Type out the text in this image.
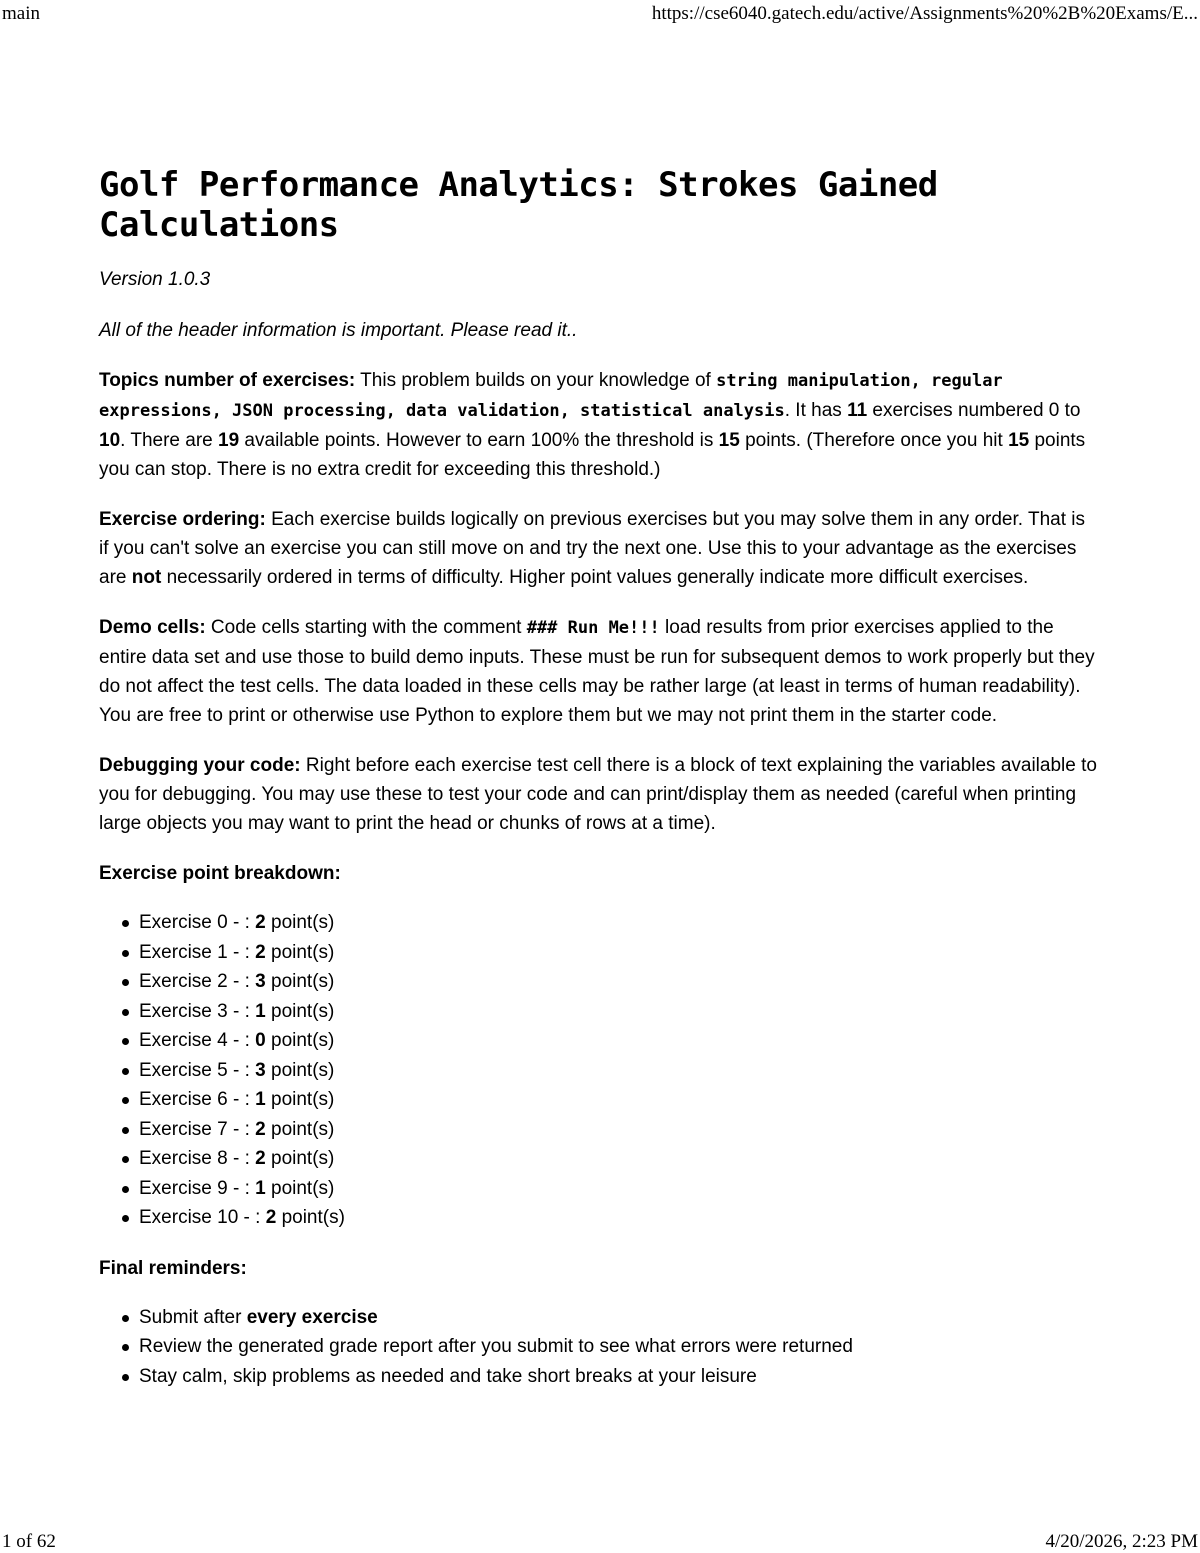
main	https://cse6040.gatech.edu/active/Assignments%20%2B%20Exams/E...
Golf Performance Analytics: Strokes Gained Calculations
Version 1.0.3
All of the header information is important. Please read it..

Topics number of exercises: This problem builds on your knowledge of string manipulation, regular expressions, JSON processing, data validation, statistical analysis. It has 11 exercises numbered 0 to 10. There are 19 available points. However to earn 100% the threshold is 15 points. (Therefore once you hit 15 points you can stop. There is no extra credit for exceeding this threshold.)

Exercise ordering: Each exercise builds logically on previous exercises but you may solve them in any order. That is if you can't solve an exercise you can still move on and try the next one. Use this to your advantage as the exercises are not necessarily ordered in terms of difficulty. Higher point values generally indicate more difficult exercises.

Demo cells: Code cells starting with the comment ### Run Me!!! load results from prior exercises applied to the entire data set and use those to build demo inputs. These must be run for subsequent demos to work properly but they do not affect the test cells. The data loaded in these cells may be rather large (at least in terms of human readability). You are free to print or otherwise use Python to explore them but we may not print them in the starter code.

Debugging your code: Right before each exercise test cell there is a block of text explaining the variables available to you for debugging. You may use these to test your code and can print/display them as needed (careful when printing large objects you may want to print the head or chunks of rows at a time).

Exercise point breakdown:

Exercise 0 - : 2 point(s)
Exercise 1 - : 2 point(s)
Exercise 2 - : 3 point(s)
Exercise 3 - : 1 point(s)
Exercise 4 - : 0 point(s)
Exercise 5 - : 3 point(s)
Exercise 6 - : 1 point(s)
Exercise 7 - : 2 point(s)
Exercise 8 - : 2 point(s)
Exercise 9 - : 1 point(s)
Exercise 10 - : 2 point(s)

Final reminders:

Submit after every exercise
Review the generated grade report after you submit to see what errors were returned
Stay calm, skip problems as needed and take short breaks at your leisure
1 of 62	4/20/2026, 2:23 PM
